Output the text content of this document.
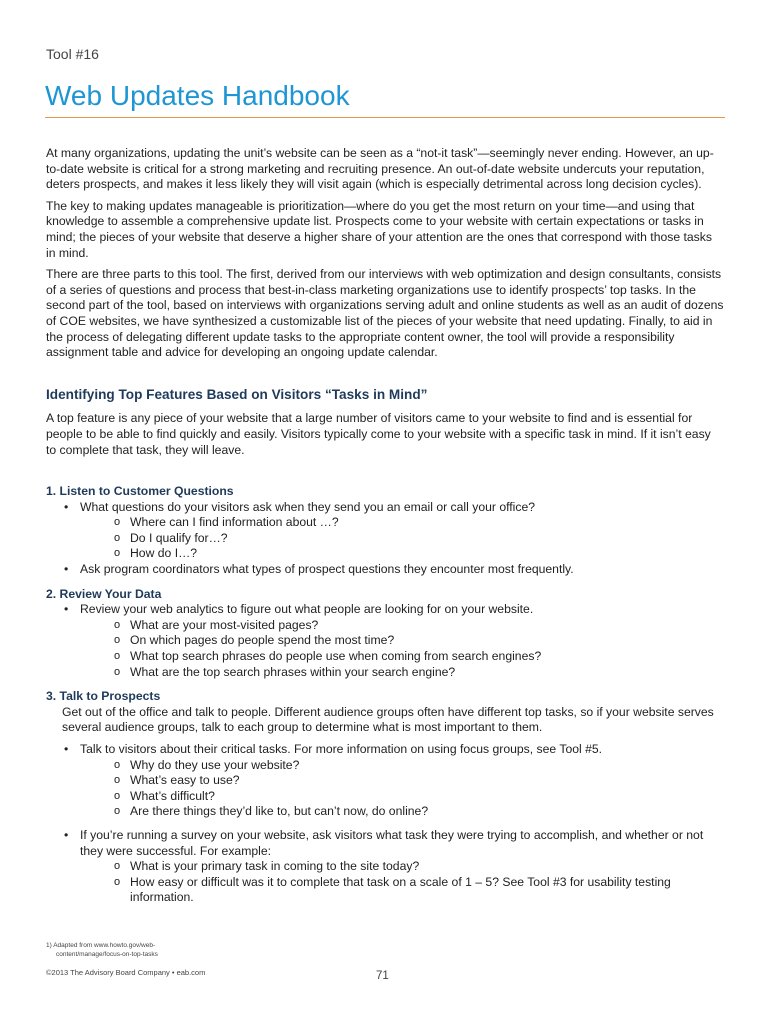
Tool #16
Web Updates Handbook

At many organizations, updating the unit’s website can be seen as a “not-it task”—seemingly never ending. However, an up-to-date website is critical for a strong marketing and recruiting presence. An out-of-date website undercuts your reputation, deters prospects, and makes it less likely they will visit again (which is especially detrimental across long decision cycles).

The key to making updates manageable is prioritization—where do you get the most return on your time—and using that knowledge to assemble a comprehensive update list. Prospects come to your website with certain expectations or tasks in mind; the pieces of your website that deserve a higher share of your attention are the ones that correspond with those tasks in mind.

There are three parts to this tool. The first, derived from our interviews with web optimization and design consultants, consists of a series of questions and process that best-in-class marketing organizations use to identify prospects’ top tasks. In the second part of the tool, based on interviews with organizations serving adult and online students as well as an audit of dozens of COE websites, we have synthesized a customizable list of the pieces of your website that need updating. Finally, to aid in the process of delegating different update tasks to the appropriate content owner, the tool will provide a responsibility assignment table and advice for developing an ongoing update calendar.

Identifying Top Features Based on Visitors “Tasks in Mind”

A top feature is any piece of your website that a large number of visitors came to your website to find and is essential for people to be able to find quickly and easily. Visitors typically come to your website with a specific task in mind. If it isn’t easy to complete that task, they will leave.

1. Listen to Customer Questions
• What questions do your visitors ask when they send you an email or call your office?
o Where can I find information about …?
o Do I qualify for…?
o How do I…?
• Ask program coordinators what types of prospect questions they encounter most frequently.
2. Review Your Data
• Review your web analytics to figure out what people are looking for on your website.
o What are your most-visited pages?
o On which pages do people spend the most time?
o What top search phrases do people use when coming from search engines?
o What are the top search phrases within your search engine?
3. Talk to Prospects

Get out of the office and talk to people. Different audience groups often have different top tasks, so if your website serves several audience groups, talk to each group to determine what is most important to them.

• Talk to visitors about their critical tasks. For more information on using focus groups, see Tool #5.
o Why do they use your website?
o What’s easy to use?
o What’s difficult?
o Are there things they’d like to, but can’t now, do online?
• If you’re running a survey on your website, ask visitors what task they were trying to accomplish, and whether or not they were successful. For example:
o What is your primary task in coming to the site today?
o How easy or difficult was it to complete that task on a scale of 1 – 5? See Tool #3 for usability testing information.
1) Adapted from www.howto.gov/web-
content/manage/focus-on-top-tasks
©2013 The Advisory Board Company • eab.com	71
